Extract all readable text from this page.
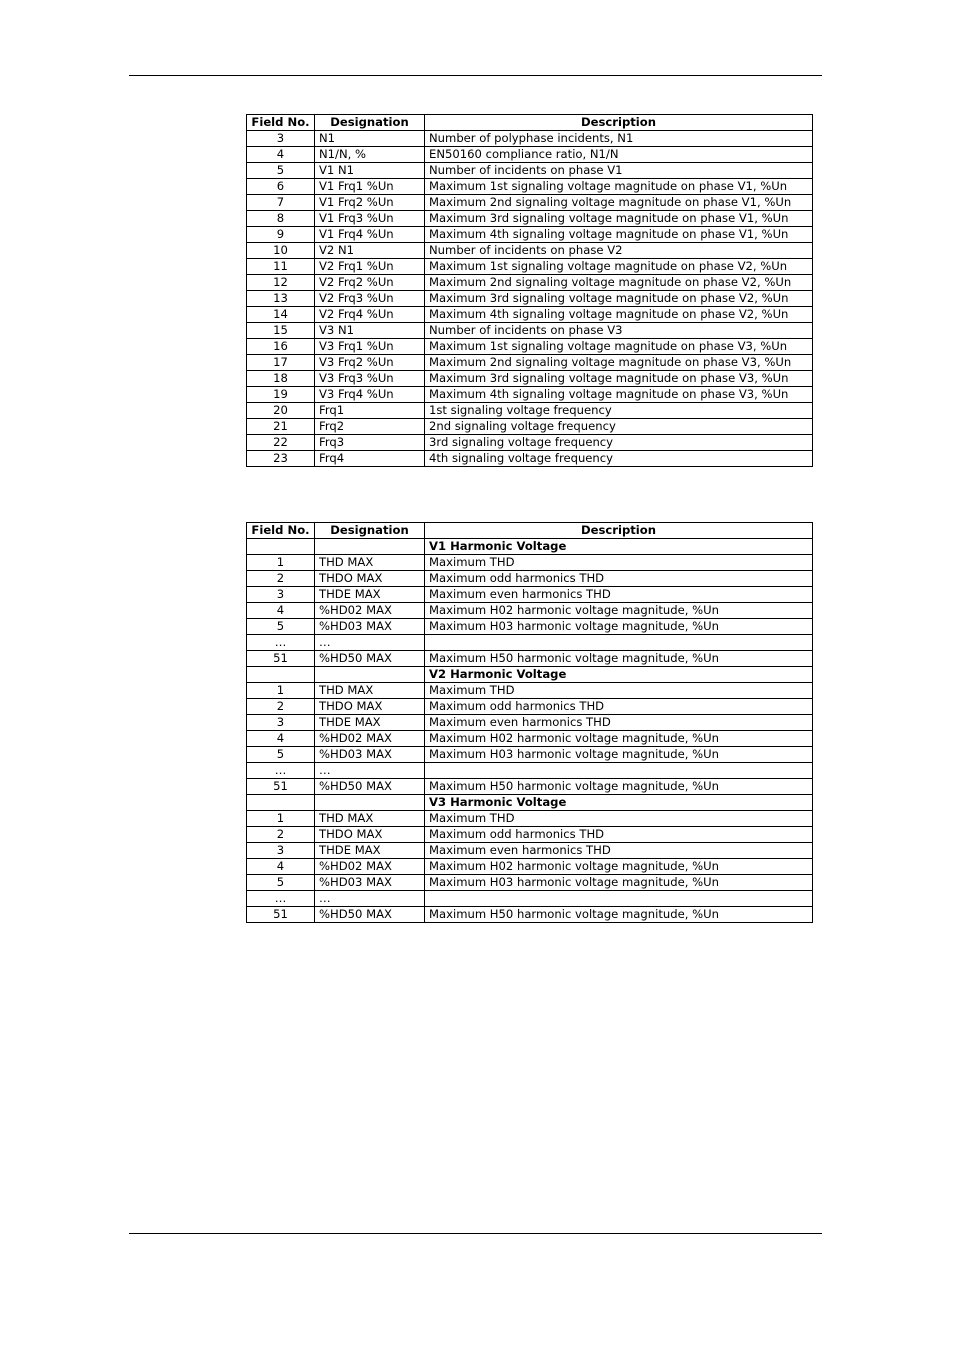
Field No.	Designation	Description
3	N1	Number of polyphase incidents, N1
4	N1/N, %	EN50160 compliance ratio, N1/N
5	V1 N1	Number of incidents on phase V1
6	V1 Frq1 %Un	Maximum 1st signaling voltage magnitude on phase V1, %Un
7	V1 Frq2 %Un	Maximum 2nd signaling voltage magnitude on phase V1, %Un
8	V1 Frq3 %Un	Maximum 3rd signaling voltage magnitude on phase V1, %Un
9	V1 Frq4 %Un	Maximum 4th signaling voltage magnitude on phase V1, %Un
10	V2 N1	Number of incidents on phase V2
11	V2 Frq1 %Un	Maximum 1st signaling voltage magnitude on phase V2, %Un
12	V2 Frq2 %Un	Maximum 2nd signaling voltage magnitude on phase V2, %Un
13	V2 Frq3 %Un	Maximum 3rd signaling voltage magnitude on phase V2, %Un
14	V2 Frq4 %Un	Maximum 4th signaling voltage magnitude on phase V2, %Un
15	V3 N1	Number of incidents on phase V3
16	V3 Frq1 %Un	Maximum 1st signaling voltage magnitude on phase V3, %Un
17	V3 Frq2 %Un	Maximum 2nd signaling voltage magnitude on phase V3, %Un
18	V3 Frq3 %Un	Maximum 3rd signaling voltage magnitude on phase V3, %Un
19	V3 Frq4 %Un	Maximum 4th signaling voltage magnitude on phase V3, %Un
20	Frq1	1st signaling voltage frequency
21	Frq2	2nd signaling voltage frequency
22	Frq3	3rd signaling voltage frequency
23	Frq4	4th signaling voltage frequency
Field No.	Designation	Description
		V1 Harmonic Voltage
1	THD MAX	Maximum THD
2	THDO MAX	Maximum odd harmonics THD
3	THDE MAX	Maximum even harmonics THD
4	%HD02 MAX	Maximum H02 harmonic voltage magnitude, %Un
5	%HD03 MAX	Maximum H03 harmonic voltage magnitude, %Un
…	…	
51	%HD50 MAX	Maximum H50 harmonic voltage magnitude, %Un
		V2 Harmonic Voltage
1	THD MAX	Maximum THD
2	THDO MAX	Maximum odd harmonics THD
3	THDE MAX	Maximum even harmonics THD
4	%HD02 MAX	Maximum H02 harmonic voltage magnitude, %Un
5	%HD03 MAX	Maximum H03 harmonic voltage magnitude, %Un
…	…	
51	%HD50 MAX	Maximum H50 harmonic voltage magnitude, %Un
		V3 Harmonic Voltage
1	THD MAX	Maximum THD
2	THDO MAX	Maximum odd harmonics THD
3	THDE MAX	Maximum even harmonics THD
4	%HD02 MAX	Maximum H02 harmonic voltage magnitude, %Un
5	%HD03 MAX	Maximum H03 harmonic voltage magnitude, %Un
…	…	
51	%HD50 MAX	Maximum H50 harmonic voltage magnitude, %Un
